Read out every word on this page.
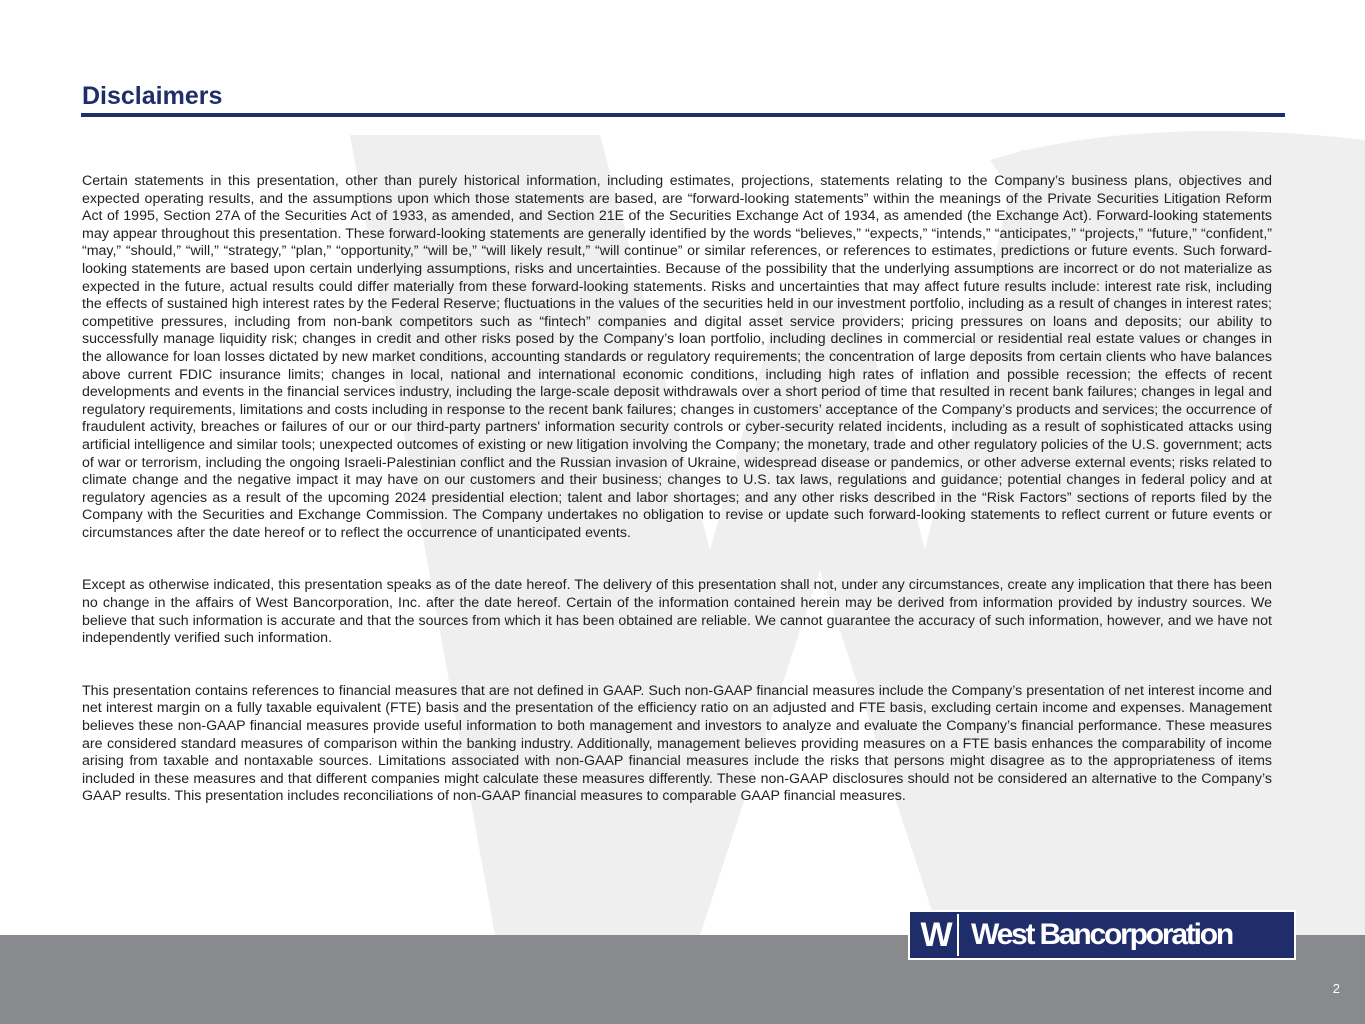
Disclaimers

Certain statements in this presentation, other than purely historical information, including estimates, projections, statements relating to the Company’s business plans, objectives and expected operating results, and the assumptions upon which those statements are based, are “forward-looking statements” within the meanings of the Private Securities Litigation Reform Act of 1995, Section 27A of the Securities Act of 1933, as amended, and Section 21E of the Securities Exchange Act of 1934, as amended (the Exchange Act). Forward-looking statements may appear throughout this presentation. These forward-looking statements are generally identified by the words “believes,” “expects,” “intends,” “anticipates,” “projects,” “future,” “confident,” “may,” “should,” “will,” “strategy,” “plan,” “opportunity,” “will be,” “will likely result,” “will continue” or similar references, or references to estimates, predictions or future events. Such forward-looking statements are based upon certain underlying assumptions, risks and uncertainties. Because of the possibility that the underlying assumptions are incorrect or do not materialize as expected in the future, actual results could differ materially from these forward-looking statements. Risks and uncertainties that may affect future results include: interest rate risk, including the effects of sustained high interest rates by the Federal Reserve; fluctuations in the values of the securities held in our investment portfolio, including as a result of changes in interest rates; competitive pressures, including from non-bank competitors such as “fintech” companies and digital asset service providers; pricing pressures on loans and deposits; our ability to successfully manage liquidity risk; changes in credit and other risks posed by the Company’s loan portfolio, including declines in commercial or residential real estate values or changes in the allowance for loan losses dictated by new market conditions, accounting standards or regulatory requirements; the concentration of large deposits from certain clients who have balances above current FDIC insurance limits; changes in local, national and international economic conditions, including high rates of inflation and possible recession; the effects of recent developments and events in the financial services industry, including the large-scale deposit withdrawals over a short period of time that resulted in recent bank failures; changes in legal and regulatory requirements, limitations and costs including in response to the recent bank failures; changes in customers’ acceptance of the Company’s products and services; the occurrence of fraudulent activity, breaches or failures of our or our third-party partners' information security controls or cyber-security related incidents, including as a result of sophisticated attacks using artificial intelligence and similar tools; unexpected outcomes of existing or new litigation involving the Company; the monetary, trade and other regulatory policies of the U.S. government; acts of war or terrorism, including the ongoing Israeli-Palestinian conflict and the Russian invasion of Ukraine, widespread disease or pandemics, or other adverse external events; risks related to climate change and the negative impact it may have on our customers and their business; changes to U.S. tax laws, regulations and guidance; potential changes in federal policy and at regulatory agencies as a result of the upcoming 2024 presidential election; talent and labor shortages; and any other risks described in the “Risk Factors” sections of reports filed by the Company with the Securities and Exchange Commission. The Company undertakes no obligation to revise or update such forward-looking statements to reflect current or future events or circumstances after the date hereof or to reflect the occurrence of unanticipated events.

Except as otherwise indicated, this presentation speaks as of the date hereof. The delivery of this presentation shall not, under any circumstances, create any implication that there has been no change in the affairs of West Bancorporation, Inc. after the date hereof. Certain of the information contained herein may be derived from information provided by industry sources. We believe that such information is accurate and that the sources from which it has been obtained are reliable. We cannot guarantee the accuracy of such information, however, and we have not independently verified such information.

This presentation contains references to financial measures that are not defined in GAAP. Such non-GAAP financial measures include the Company’s presentation of net interest income and net interest margin on a fully taxable equivalent (FTE) basis and the presentation of the efficiency ratio on an adjusted and FTE basis, excluding certain income and expenses. Management believes these non-GAAP financial measures provide useful information to both management and investors to analyze and evaluate the Company’s financial performance. These measures are considered standard measures of comparison within the banking industry. Additionally, management believes providing measures on a FTE basis enhances the comparability of income arising from taxable and nontaxable sources. Limitations associated with non-GAAP financial measures include the risks that persons might disagree as to the appropriateness of items included in these measures and that different companies might calculate these measures differently. These non-GAAP disclosures should not be considered an alternative to the Company’s GAAP results. This presentation includes reconciliations of non-GAAP financial measures to comparable GAAP financial measures.

W West Bancorporation
2
